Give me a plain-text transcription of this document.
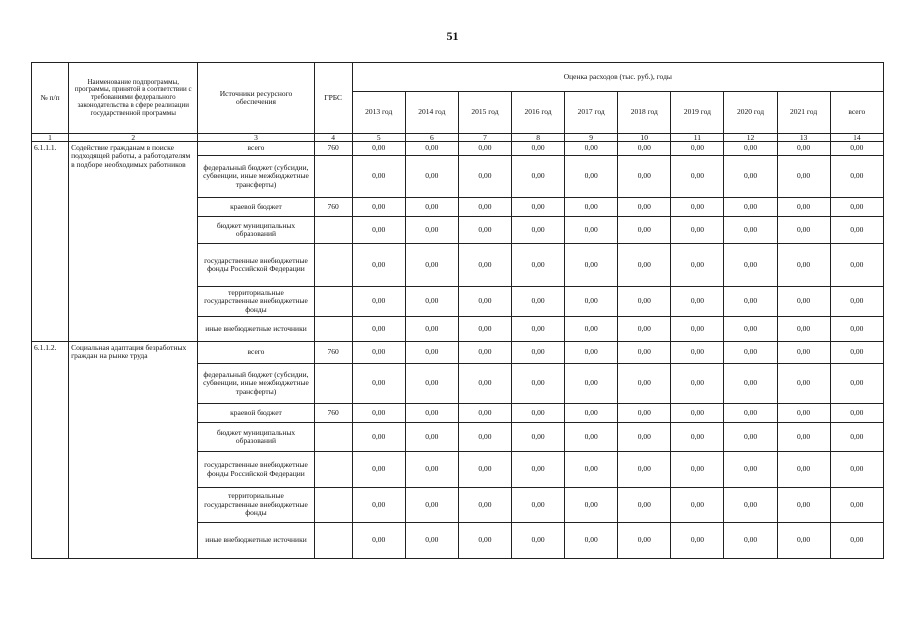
51
№ п/п	Наименование подпрограммы, программы, принятой в соответствии с требованиями федерального законодательства в сфере реализации государственной программы	Источники ресурсного обеспечения	ГРБС	Оценка расходов (тыс. руб.), годы									
				2013 год	2014 год	2015 год	2016 год	2017 год	2018 год	2019 год	2020 год	2021 год	всего
1	2	3	4	5	6	7	8	9	10	11	12	13	14
6.1.1.1.	Содействие гражданам в поиске подходящей работы, а работодателям в подборе необходимых работников	всего	760	0,00	0,00	0,00	0,00	0,00	0,00	0,00	0,00	0,00	0,00
		федеральный бюджет (субсидии, субвенции, иные межбюджетные трансферты)		0,00	0,00	0,00	0,00	0,00	0,00	0,00	0,00	0,00	0,00
		краевой бюджет	760	0,00	0,00	0,00	0,00	0,00	0,00	0,00	0,00	0,00	0,00
		бюджет муниципальных образований		0,00	0,00	0,00	0,00	0,00	0,00	0,00	0,00	0,00	0,00
		государственные внебюджетные фонды Российской Федерации		0,00	0,00	0,00	0,00	0,00	0,00	0,00	0,00	0,00	0,00
		территориальные государственные внебюджетные фонды		0,00	0,00	0,00	0,00	0,00	0,00	0,00	0,00	0,00	0,00
		иные внебюджетные источники		0,00	0,00	0,00	0,00	0,00	0,00	0,00	0,00	0,00	0,00
6.1.1.2.	Социальная адаптация безработных граждан на рынке труда	всего	760	0,00	0,00	0,00	0,00	0,00	0,00	0,00	0,00	0,00	0,00
		федеральный бюджет (субсидии, субвенции, иные межбюджетные трансферты)		0,00	0,00	0,00	0,00	0,00	0,00	0,00	0,00	0,00	0,00
		краевой бюджет	760	0,00	0,00	0,00	0,00	0,00	0,00	0,00	0,00	0,00	0,00
		бюджет муниципальных образований		0,00	0,00	0,00	0,00	0,00	0,00	0,00	0,00	0,00	0,00
		государственные внебюджетные фонды Российской Федерации		0,00	0,00	0,00	0,00	0,00	0,00	0,00	0,00	0,00	0,00
		территориальные государственные внебюджетные фонды		0,00	0,00	0,00	0,00	0,00	0,00	0,00	0,00	0,00	0,00
		иные внебюджетные источники		0,00	0,00	0,00	0,00	0,00	0,00	0,00	0,00	0,00	0,00
